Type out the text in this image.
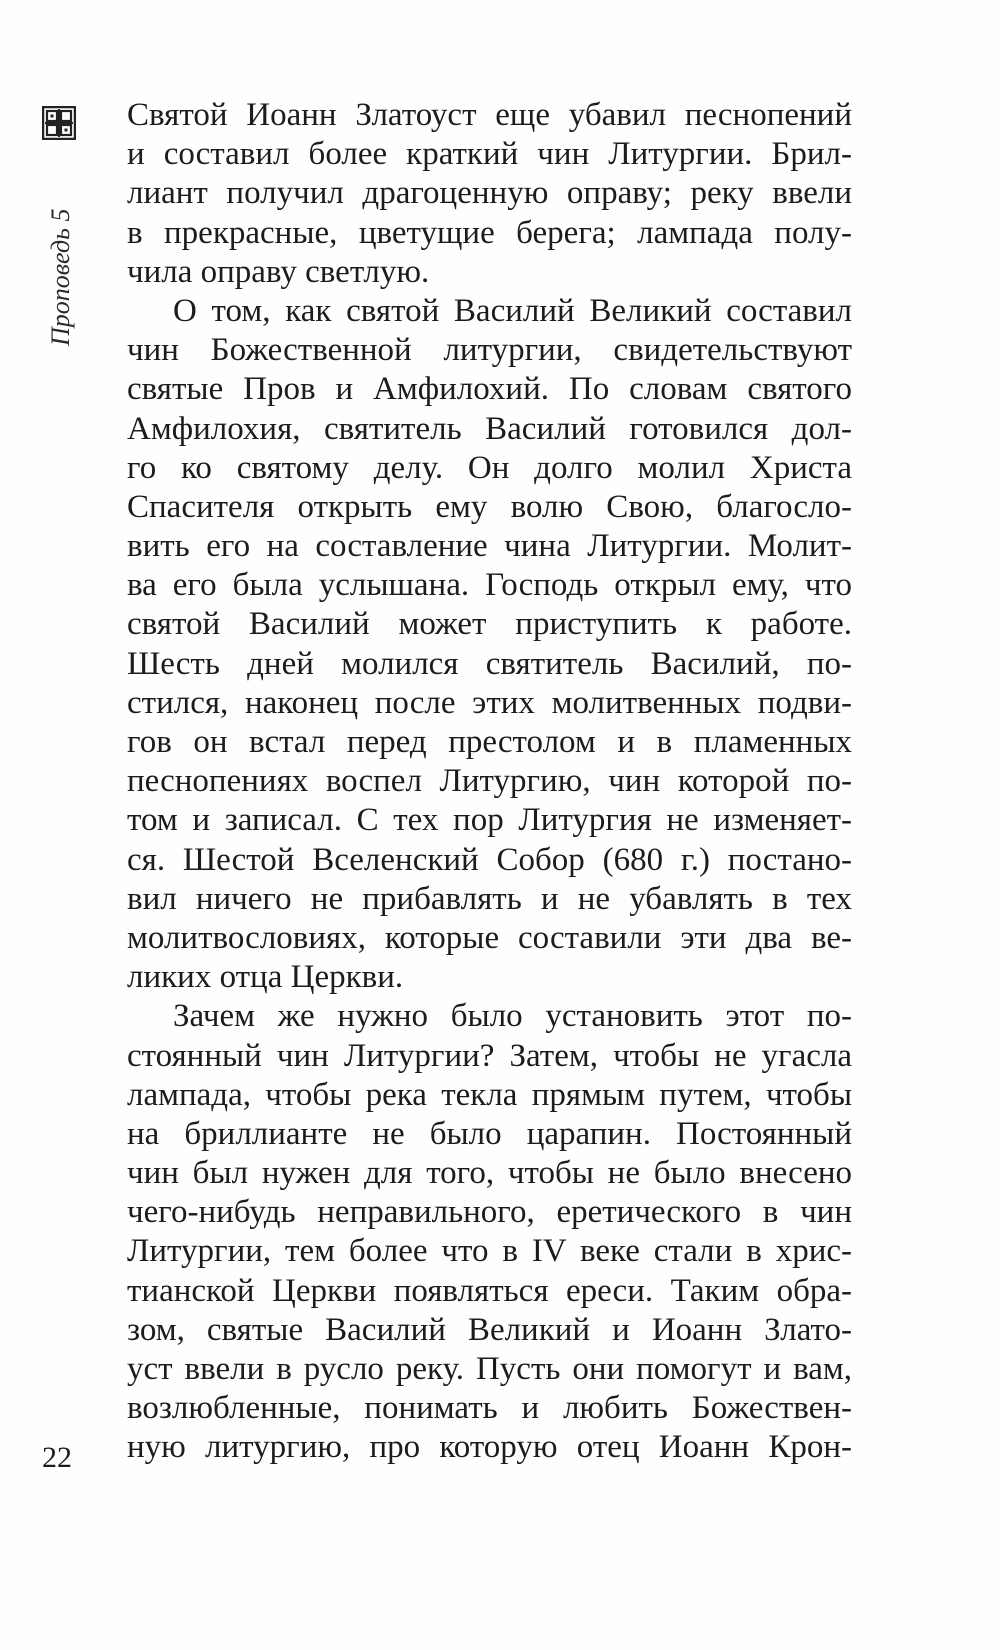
Проповедь 5
Святой Иоанн Златоуст еще убавил песнопений
и составил более краткий чин Литургии. Брил-
лиант получил драгоценную оправу; реку ввели
в прекрасные, цветущие берега; лампада полу-
чила оправу светлую.
О том, как святой Василий Великий составил
чин Божественной литургии, свидетельствуют
святые Пров и Амфилохий. По словам святого
Амфилохия, святитель Василий готовился дол-
го ко святому делу. Он долго молил Христа
Спасителя открыть ему волю Свою, благосло-
вить его на составление чина Литургии. Молит-
ва его была услышана. Господь открыл ему, что
святой Василий может приступить к работе.
Шесть дней молился святитель Василий, по-
стился, наконец после этих молитвенных подви-
гов он встал перед престолом и в пламенных
песнопениях воспел Литургию, чин которой по-
том и записал. С тех пор Литургия не изменяет-
ся. Шестой Вселенский Собор (680 г.) постано-
вил ничего не прибавлять и не убавлять в тех
молитвословиях, которые составили эти два ве-
ликих отца Церкви.
Зачем же нужно было установить этот по-
стоянный чин Литургии? Затем, чтобы не угасла
лампада, чтобы река текла прямым путем, чтобы
на бриллианте не было царапин. Постоянный
чин был нужен для того, чтобы не было внесено
чего-нибудь неправильного, еретического в чин
Литургии, тем более что в IV веке стали в хрис-
тианской Церкви появляться ереси. Таким обра-
зом, святые Василий Великий и Иоанн Злато-
уст ввели в русло реку. Пусть они помогут и вам,
возлюбленные, понимать и любить Божествен-
ную литургию, про которую отец Иоанн Крон-
22
